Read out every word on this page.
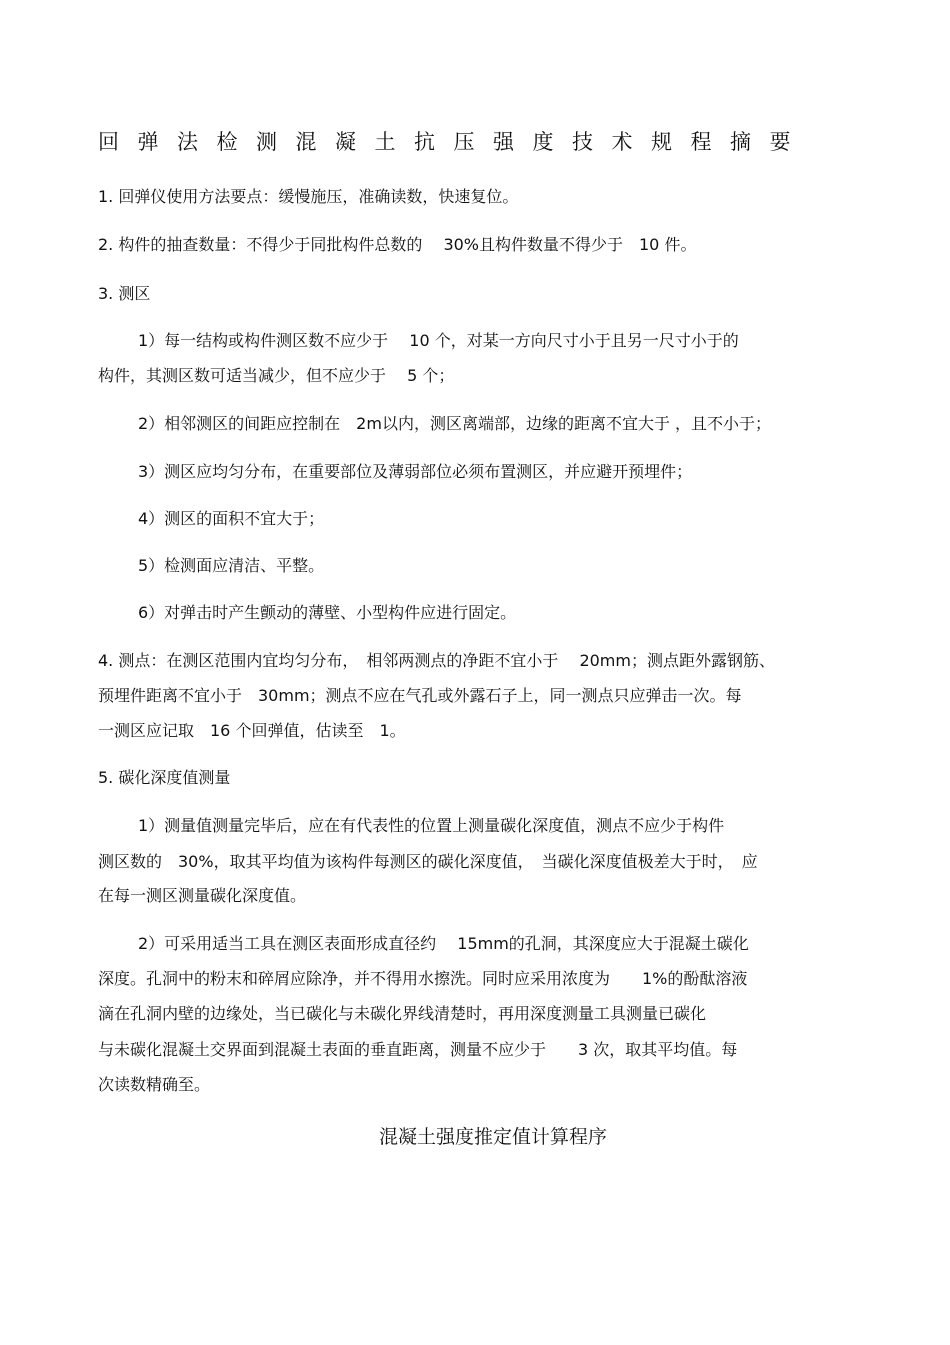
回弹法检测混凝土抗压强度技术规程摘要
1. 回弹仪使用方法要点：缓慢施压，准确读数，快速复位。
2. 构件的抽查数量：不得少于同批构件总数的　 30%且构件数量不得少于　10 件。
3. 测区
1）每一结构或构件测区数不应少于　 10 个，对某一方向尺寸小于且另一尺寸小于的
构件，其测区数可适当减少，但不应少于　 5 个；
2）相邻测区的间距应控制在　2m以内，测区离端部，边缘的距离不宜大于 ，且不小于；
3）测区应均匀分布，在重要部位及薄弱部位必须布置测区，并应避开预埋件；
4）测区的面积不宜大于；
5）检测面应清洁、平整。
6）对弹击时产生颤动的薄壁、小型构件应进行固定。
4. 测点：在测区范围内宜均匀分布，　相邻两测点的净距不宜小于　 20mm；测点距外露钢筋、
预埋件距离不宜小于　30mm；测点不应在气孔或外露石子上，同一测点只应弹击一次。每
一测区应记取　16 个回弹值，估读至　1。
5. 碳化深度值测量
1）测量值测量完毕后，应在有代表性的位置上测量碳化深度值，测点不应少于构件
测区数的　30%，取其平均值为该构件每测区的碳化深度值，　当碳化深度值极差大于时，　应
在每一测区测量碳化深度值。
2）可采用适当工具在测区表面形成直径约　 15mm的孔洞，其深度应大于混凝土碳化
深度。孔洞中的粉末和碎屑应除净，并不得用水擦洗。同时应采用浓度为　　1%的酚酞溶液
滴在孔洞内壁的边缘处，当已碳化与未碳化界线清楚时，再用深度测量工具测量已碳化
与未碳化混凝土交界面到混凝土表面的垂直距离，测量不应少于　　3 次，取其平均值。每
次读数精确至。
混凝土强度推定值计算程序
